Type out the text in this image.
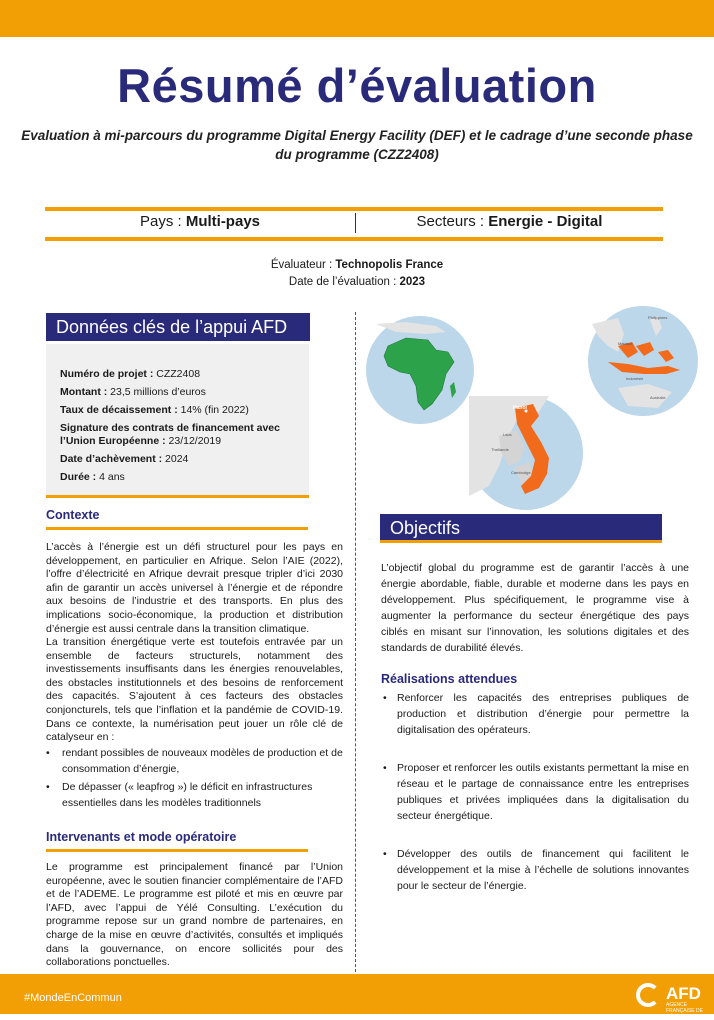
Résumé d’évaluation

Evaluation à mi-parcours du programme Digital Energy Facility (DEF) et le cadrage d’une seconde phase du programme (CZZ2408)

Pays : Multi-pays	Secteurs : Energie - Digital
Évaluateur : Technopolis France
Date de l’évaluation : 2023
Données clés de l’appui AFD
Numéro de projet : CZZ2408
Montant : 23,5 millions d’euros
Taux de décaissement : 14% (fin 2022)
Signature des contrats de financement avec l’Union Européenne : 23/12/2019
Date d’achèvement : 2024
Durée : 4 ans
Contexte

L’accès à l’énergie est un défi structurel pour les pays en développement, en particulier en Afrique. Selon l’AIE (2022), l’offre d’électricité en Afrique devrait presque tripler d’ici 2030 afin de garantir un accès universel à l’énergie et de répondre aux besoins de l’industrie et des transports. En plus des implications socio-économique, la production et distribution d’énergie est aussi centrale dans la transition climatique.

La transition énergétique verte est toutefois entravée par un ensemble de facteurs structurels, notamment des investissements insuffisants dans les énergies renouvelables, des obstacles institutionnels et des besoins de renforcement des capacités. S’ajoutent à ces facteurs des obstacles conjoncturels, tels que l’inflation et la pandémie de COVID-19. Dans ce contexte, la numérisation peut jouer un rôle clé de catalyseur en :

• rendant possibles de nouveaux modèles de production et de consommation d’énergie,
• De dépasser (« leapfrog ») le déficit en infrastructures essentielles dans les modèles traditionnels
Intervenants et mode opératoire

Le programme est principalement financé par l’Union européenne, avec le soutien financier complémentaire de l’AFD et de l’ADEME. Le programme est piloté et mis en œuvre par l’AFD, avec l’appui de Yélé Consulting. L’exécution du programme repose sur un grand nombre de partenaires, en charge de la mise en œuvre d’activités, consultés et impliqués dans la gouvernance, on encore sollicités pour des collaborations ponctuelles.

Philippines
Malaisie
Indonésie
Australie
Hanoï
Thaïlande
Cambodge
Laos
Objectifs

L’objectif global du programme est de garantir l’accès à une énergie abordable, fiable, durable et moderne dans les pays en développement. Plus spécifiquement, le programme vise à augmenter la performance du secteur énergétique des pays ciblés en misant sur l’innovation, les solutions digitales et des standards de durabilité élevés.

Réalisations attendues
• Renforcer les capacités des entreprises publiques de production et distribution d’énergie pour permettre la digitalisation des opérateurs.
• Proposer et renforcer les outils existants permettant la mise en réseau et le partage de connaissance entre les entreprises publiques et privées impliquées dans la digitalisation du secteur énergétique.
• Développer des outils de financement qui facilitent le développement et la mise à l’échelle de solutions innovantes pour le secteur de l’énergie.
#MondeEnCommun	AFD
AGENCE FRANÇAISE DE DÉVELOPPEMENT
